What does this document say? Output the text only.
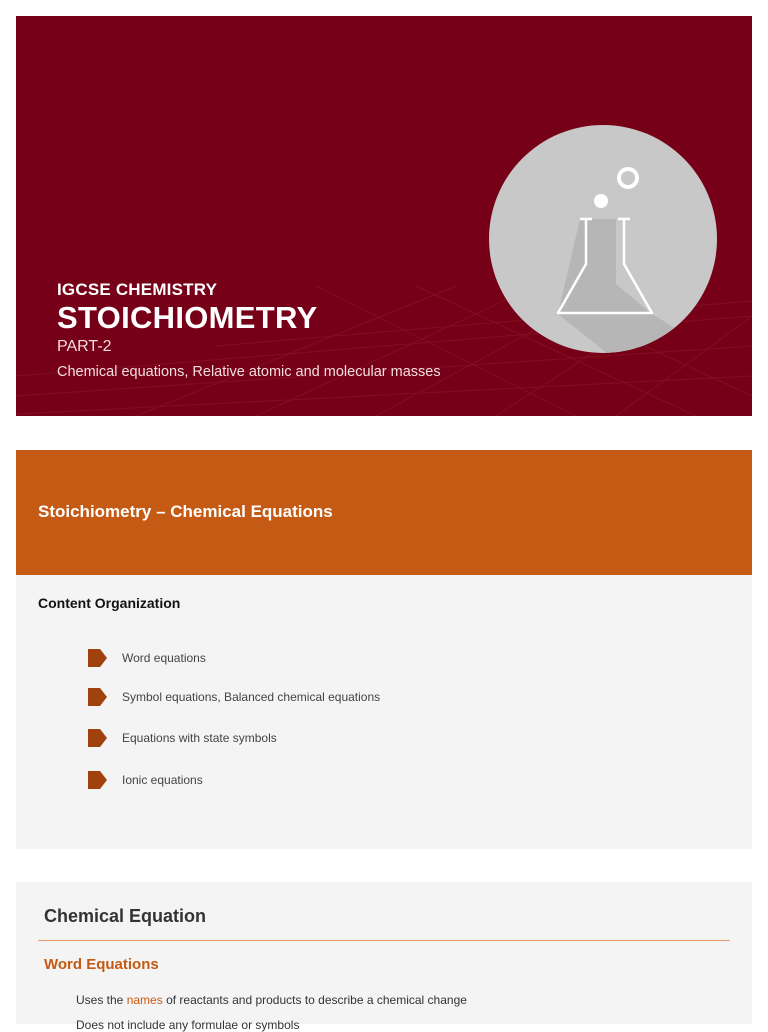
IGCSE CHEMISTRY
STOICHIOMETRY
PART-2
Chemical equations, Relative atomic and molecular masses
Stoichiometry – Chemical Equations
Content Organization
Word equations
Symbol equations, Balanced chemical equations
Equations with state symbols
Ionic equations
Chemical Equation
Word Equations
Uses the names of reactants and products to describe a chemical change
Does not include any formulae or symbols
